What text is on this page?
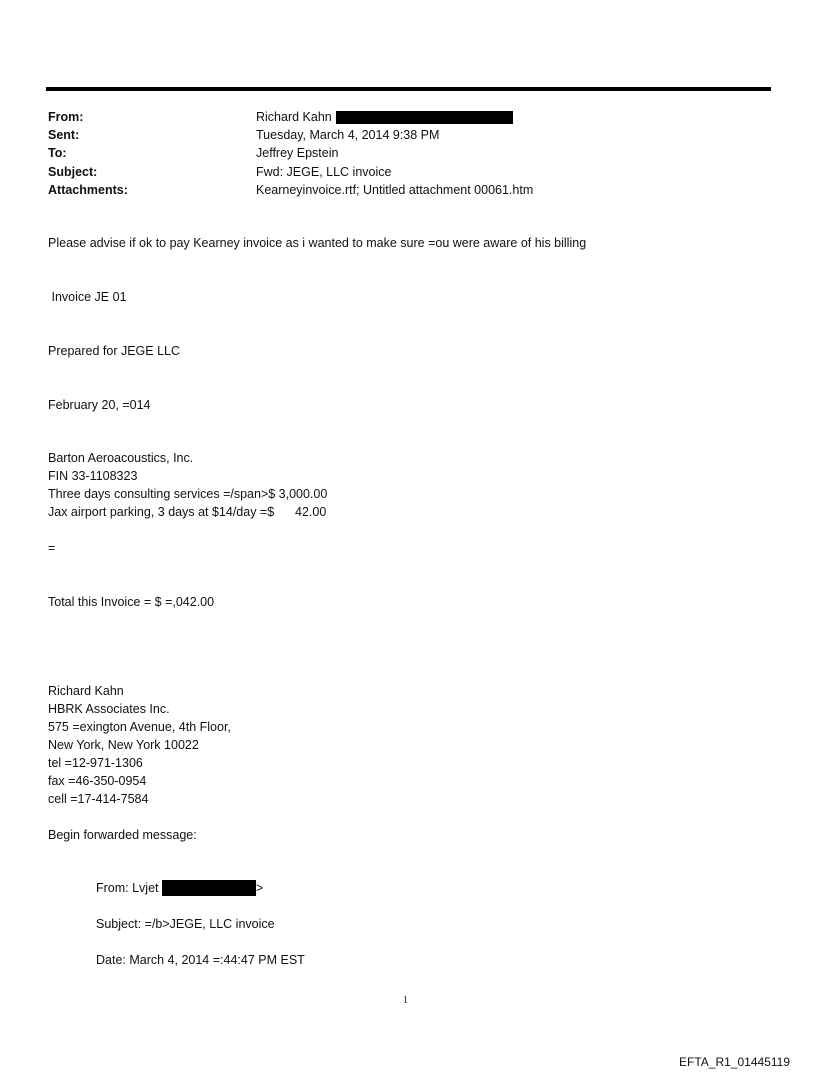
From:	Richard Kahn
Sent:	Tuesday, March 4, 2014 9:38 PM
To:	Jeffrey Epstein
Subject:	Fwd: JEGE, LLC invoice
Attachments:	Kearneyinvoice.rtf; Untitled attachment 00061.htm
Please advise if ok to pay Kearney invoice as i wanted to make sure =ou were aware of his billing
Invoice JE 01
Prepared for JEGE LLC
February 20, =014
Barton Aeroacoustics, Inc.
FIN 33-1108323
Three days consulting services =/span>$ 3,000.00
Jax airport parking, 3 days at $14/day =$      42.00
=
Total this Invoice = $ =,042.00
Richard Kahn
HBRK Associates Inc.
575 =exington Avenue, 4th Floor,
New York, New York 10022
tel =12-971-1306
fax =46-350-0954
cell =17-414-7584
Begin forwarded message:
From: Lvjet	>
Subject: =/b>JEGE, LLC invoice
Date: March 4, 2014 =:44:47 PM EST
1
EFTA_R1_01445119
